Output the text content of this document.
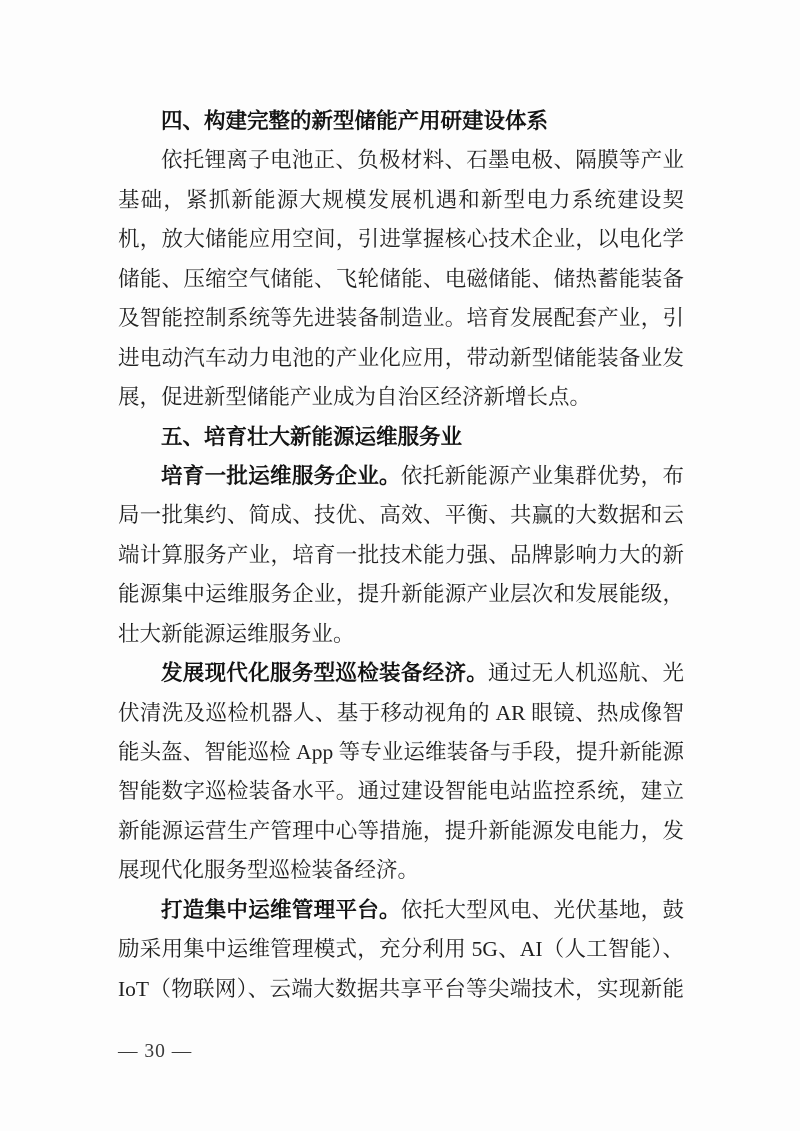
四、构建完整的新型储能产用研建设体系
依托锂离子电池正、负极材料、石墨电极、隔膜等产业
基础，紧抓新能源大规模发展机遇和新型电力系统建设契
机，放大储能应用空间，引进掌握核心技术企业，以电化学
储能、压缩空气储能、飞轮储能、电磁储能、储热蓄能装备
及智能控制系统等先进装备制造业。培育发展配套产业，引
进电动汽车动力电池的产业化应用，带动新型储能装备业发
展，促进新型储能产业成为自治区经济新增长点。
五、培育壮大新能源运维服务业
培育一批运维服务企业。依托新能源产业集群优势，布
局一批集约、简成、技优、高效、平衡、共赢的大数据和云
端计算服务产业，培育一批技术能力强、品牌影响力大的新
能源集中运维服务企业，提升新能源产业层次和发展能级，
壮大新能源运维服务业。
发展现代化服务型巡检装备经济。通过无人机巡航、光
伏清洗及巡检机器人、基于移动视角的 AR 眼镜、热成像智
能头盔、智能巡检 App 等专业运维装备与手段，提升新能源
智能数字巡检装备水平。通过建设智能电站监控系统，建立
新能源运营生产管理中心等措施，提升新能源发电能力，发
展现代化服务型巡检装备经济。
打造集中运维管理平台。依托大型风电、光伏基地，鼓
励采用集中运维管理模式，充分利用 5G、AI（人工智能）、
IoT（物联网）、云端大数据共享平台等尖端技术，实现新能
— 30 —
